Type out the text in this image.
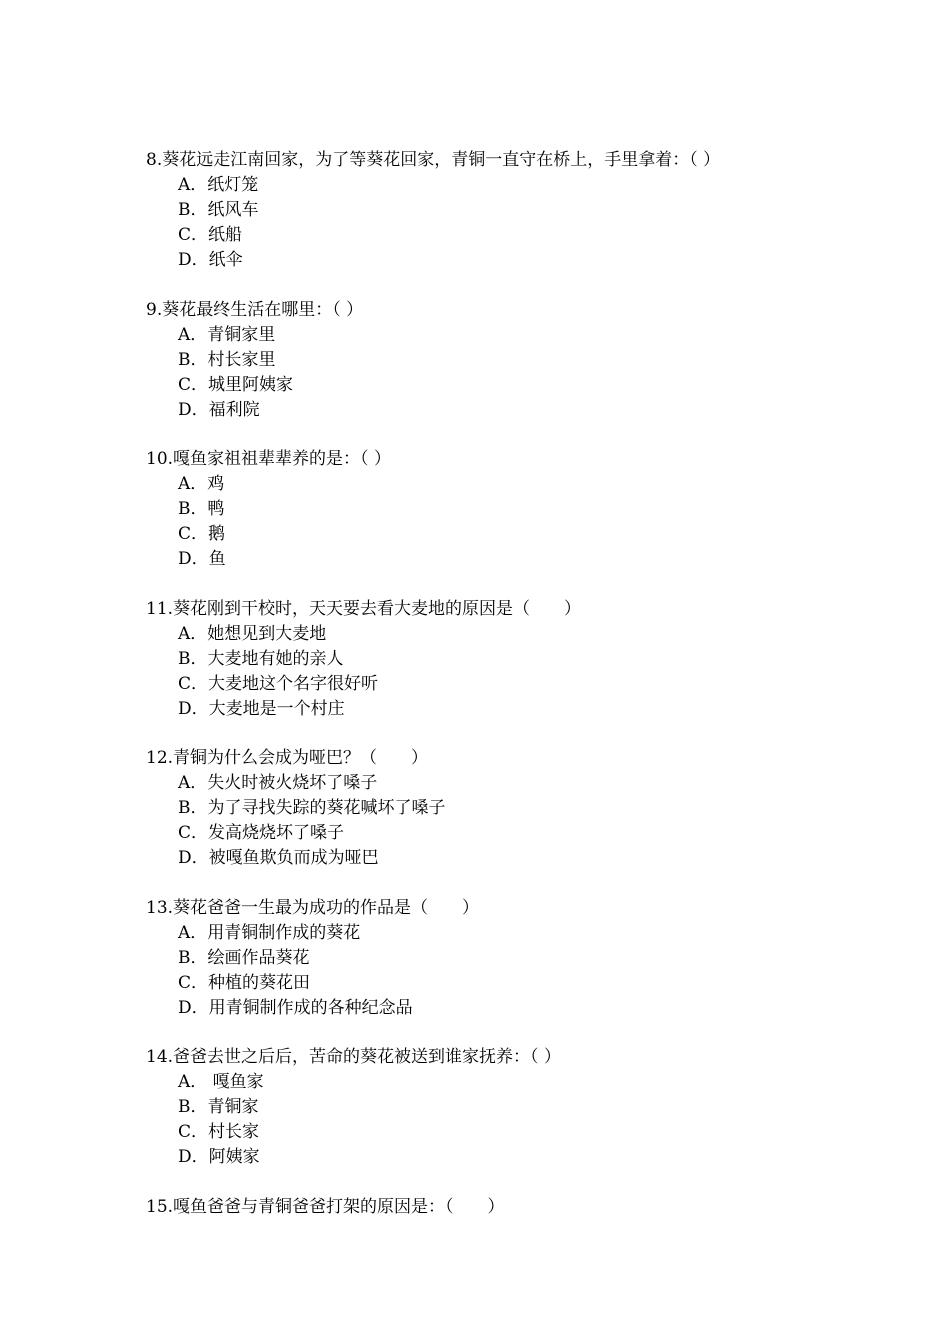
8.葵花远走江南回家，为了等葵花回家，青铜一直守在桥上，手里拿着：（ ）
A．纸灯笼
B．纸风车
C．纸船
D．纸伞
9.葵花最终生活在哪里：（ ）
A．青铜家里
B．村长家里
C．城里阿姨家
D．福利院
10.嘎鱼家祖祖辈辈养的是：（ ）
A．鸡
B．鸭
C．鹅
D．鱼
11.葵花刚到干校时，天天要去看大麦地的原因是（　　）
A．她想见到大麦地
B．大麦地有她的亲人
C．大麦地这个名字很好听
D．大麦地是一个村庄
12.青铜为什么会成为哑巴？（　　）
A．失火时被火烧坏了嗓子
B．为了寻找失踪的葵花喊坏了嗓子
C．发高烧烧坏了嗓子
D．被嘎鱼欺负而成为哑巴
13.葵花爸爸一生最为成功的作品是（　　）
A．用青铜制作成的葵花
B．绘画作品葵花
C．种植的葵花田
D．用青铜制作成的各种纪念品
14.爸爸去世之后后，苦命的葵花被送到谁家抚养：（ ）
A． 嘎鱼家
B．青铜家
C．村长家
D．阿姨家
15.嘎鱼爸爸与青铜爸爸打架的原因是：（　　）
